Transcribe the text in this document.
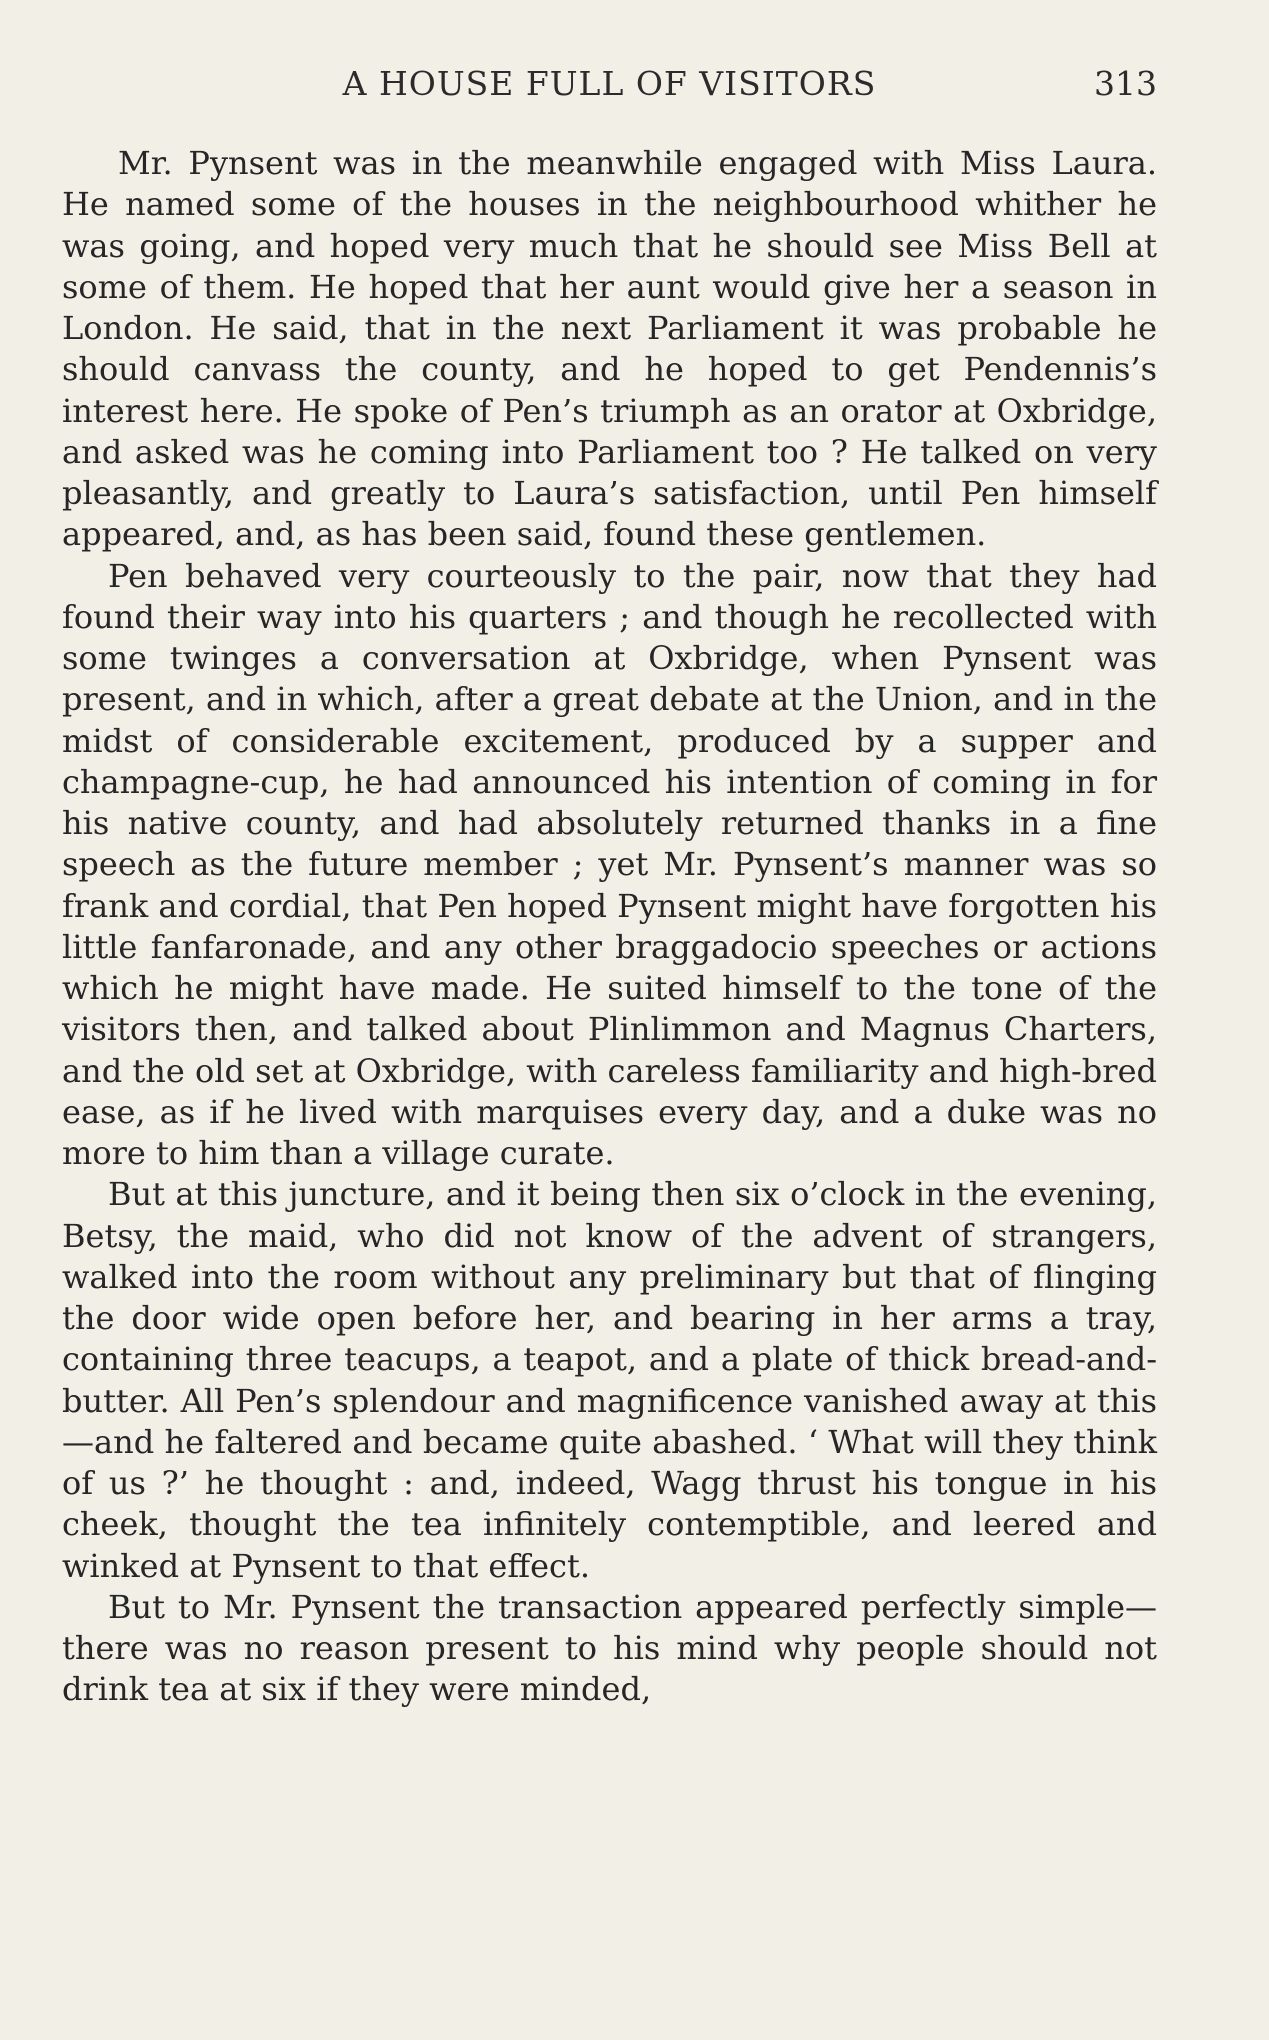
A HOUSE FULL OF VISITORS	313

Mr. Pynsent was in the meanwhile engaged with Miss Laura. He named some of the houses in the neighbourhood whither he was going, and hoped very much that he should see Miss Bell at some of them. He hoped that her aunt would give her a season in London. He said, that in the next Parliament it was probable he should canvass the county, and he hoped to get Pendennis’s interest here. He spoke of Pen’s triumph as an orator at Oxbridge, and asked was he coming into Parliament too ? He talked on very pleasantly, and greatly to Laura’s satisfaction, until Pen himself appeared, and, as has been said, found these gentlemen.

Pen behaved very courteously to the pair, now that they had found their way into his quarters ; and though he recollected with some twinges a conversation at Oxbridge, when Pynsent was present, and in which, after a great debate at the Union, and in the midst of considerable excitement, produced by a supper and champagne-cup, he had announced his intention of coming in for his native county, and had absolutely returned thanks in a fine speech as the future member ; yet Mr. Pynsent’s manner was so frank and cordial, that Pen hoped Pynsent might have forgotten his little fanfaronade, and any other braggadocio speeches or actions which he might have made. He suited himself to the tone of the visitors then, and talked about Plinlimmon and Magnus Charters, and the old set at Oxbridge, with careless familiarity and high-bred ease, as if he lived with marquises every day, and a duke was no more to him than a village curate.

But at this juncture, and it being then six o’clock in the evening, Betsy, the maid, who did not know of the advent of strangers, walked into the room without any preliminary but that of flinging the door wide open before her, and bearing in her arms a tray, containing three teacups, a teapot, and a plate of thick bread-and-butter. All Pen’s splendour and magnificence vanished away at this—and he faltered and became quite abashed. ‘ What will they think of us ?’ he thought : and, indeed, Wagg thrust his tongue in his cheek, thought the tea infinitely contemptible, and leered and winked at Pynsent to that effect.

But to Mr. Pynsent the transaction appeared perfectly simple—there was no reason present to his mind why people should not drink tea at six if they were minded,
